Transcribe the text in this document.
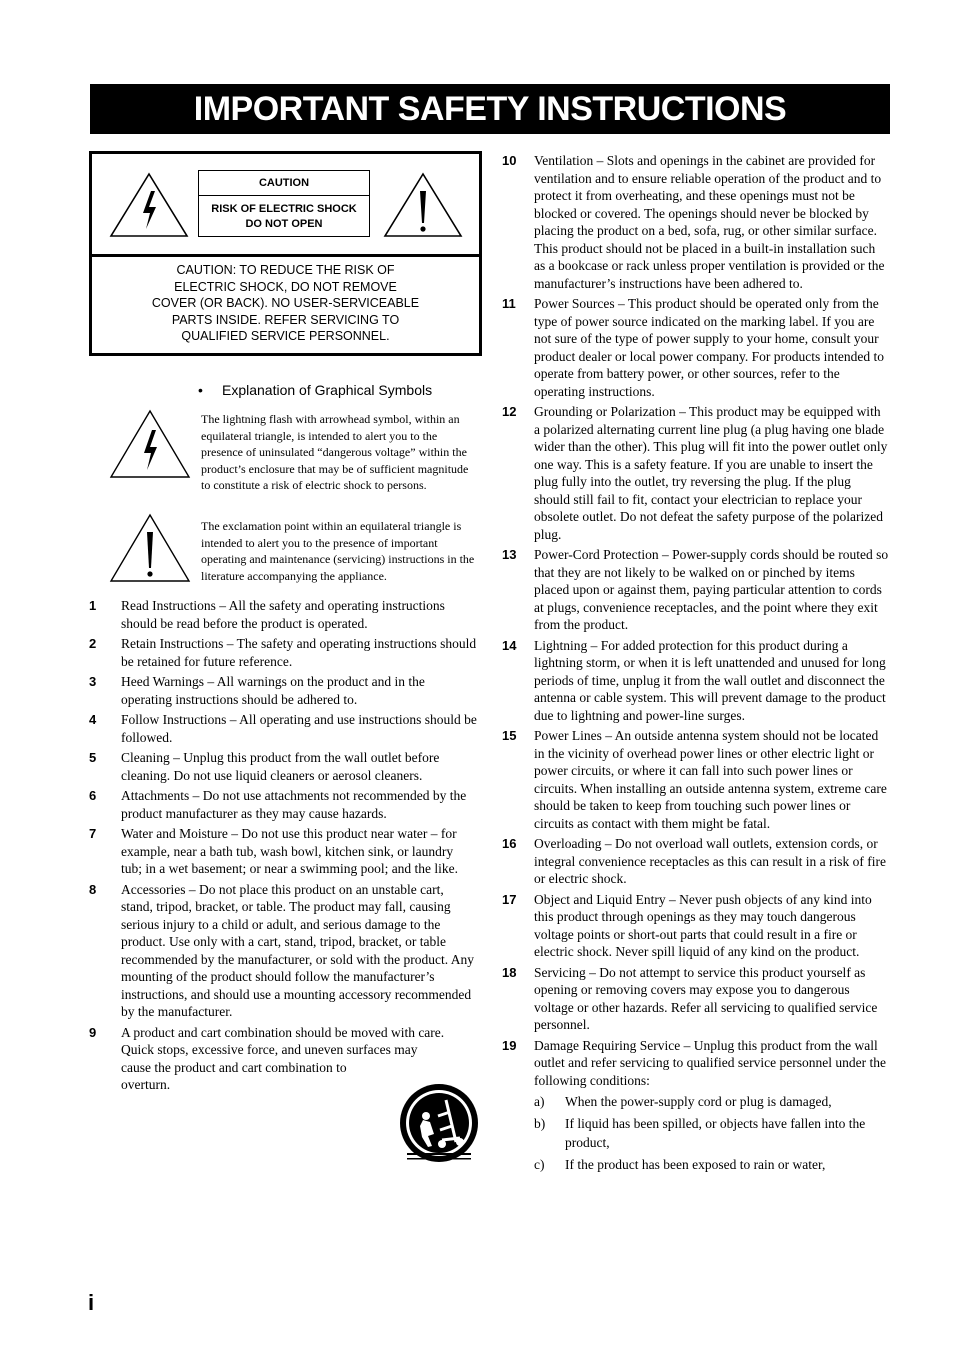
IMPORTANT SAFETY INSTRUCTIONS
CAUTION
RISK OF ELECTRIC SHOCK
DO NOT OPEN
CAUTION: TO REDUCE THE RISK OF
ELECTRIC SHOCK, DO NOT REMOVE
COVER (OR BACK). NO USER-SERVICEABLE
PARTS INSIDE. REFER SERVICING TO
QUALIFIED SERVICE PERSONNEL.
• Explanation of Graphical Symbols
The lightning flash with arrowhead symbol, within an equilateral triangle, is intended to alert you to the presence of uninsulated “dangerous voltage” within the product’s enclosure that may be of sufficient magnitude to constitute a risk of electric shock to persons.
The exclamation point within an equilateral triangle is intended to alert you to the presence of important operating and maintenance (servicing) instructions in the literature accompanying the appliance.
1 Read Instructions – All the safety and operating instructions should be read before the product is operated.
2 Retain Instructions – The safety and operating instructions should be retained for future reference.
3 Heed Warnings – All warnings on the product and in the operating instructions should be adhered to.
4 Follow Instructions – All operating and use instructions should be followed.
5 Cleaning – Unplug this product from the wall outlet before cleaning. Do not use liquid cleaners or aerosol cleaners.
6 Attachments – Do not use attachments not recommended by the product manufacturer as they may cause hazards.
7 Water and Moisture – Do not use this product near water – for example, near a bath tub, wash bowl, kitchen sink, or laundry tub; in a wet basement; or near a swimming pool; and the like.
8 Accessories – Do not place this product on an unstable cart, stand, tripod, bracket, or table. The product may fall, causing serious injury to a child or adult, and serious damage to the product. Use only with a cart, stand, tripod, bracket, or table recommended by the manufacturer, or sold with the product. Any mounting of the product should follow the manufacturer’s instructions, and should use a mounting accessory recommended by the manufacturer.
9 A product and cart combination should be moved with care.
Quick stops, excessive force, and uneven surfaces may
cause the product and cart combination to
overturn.
10 Ventilation – Slots and openings in the cabinet are provided for ventilation and to ensure reliable operation of the product and to protect it from overheating, and these openings must not be blocked or covered. The openings should never be blocked by placing the product on a bed, sofa, rug, or other similar surface. This product should not be placed in a built-in installation such as a bookcase or rack unless proper ventilation is provided or the manufacturer’s instructions have been adhered to.
11 Power Sources – This product should be operated only from the type of power source indicated on the marking label. If you are not sure of the type of power supply to your home, consult your product dealer or local power company. For products intended to operate from battery power, or other sources, refer to the operating instructions.
12 Grounding or Polarization – This product may be equipped with a polarized alternating current line plug (a plug having one blade wider than the other). This plug will fit into the power outlet only one way. This is a safety feature. If you are unable to insert the plug fully into the outlet, try reversing the plug. If the plug should still fail to fit, contact your electrician to replace your obsolete outlet. Do not defeat the safety purpose of the polarized plug.
13 Power-Cord Protection – Power-supply cords should be routed so that they are not likely to be walked on or pinched by items placed upon or against them, paying particular attention to cords at plugs, convenience receptacles, and the point where they exit from the product.
14 Lightning – For added protection for this product during a lightning storm, or when it is left unattended and unused for long periods of time, unplug it from the wall outlet and disconnect the antenna or cable system. This will prevent damage to the product due to lightning and power-line surges.
15 Power Lines – An outside antenna system should not be located in the vicinity of overhead power lines or other electric light or power circuits, or where it can fall into such power lines or circuits. When installing an outside antenna system, extreme care should be taken to keep from touching such power lines or circuits as contact with them might be fatal.
16 Overloading – Do not overload wall outlets, extension cords, or integral convenience receptacles as this can result in a risk of fire or electric shock.
17 Object and Liquid Entry – Never push objects of any kind into this product through openings as they may touch dangerous voltage points or short-out parts that could result in a fire or electric shock. Never spill liquid of any kind on the product.
18 Servicing – Do not attempt to service this product yourself as opening or removing covers may expose you to dangerous voltage or other hazards. Refer all servicing to qualified service personnel.
19 Damage Requiring Service – Unplug this product from the wall outlet and refer servicing to qualified service personnel under the following conditions:
a) When the power-supply cord or plug is damaged,
b) If liquid has been spilled, or objects have fallen into the product,
c) If the product has been exposed to rain or water,
i
